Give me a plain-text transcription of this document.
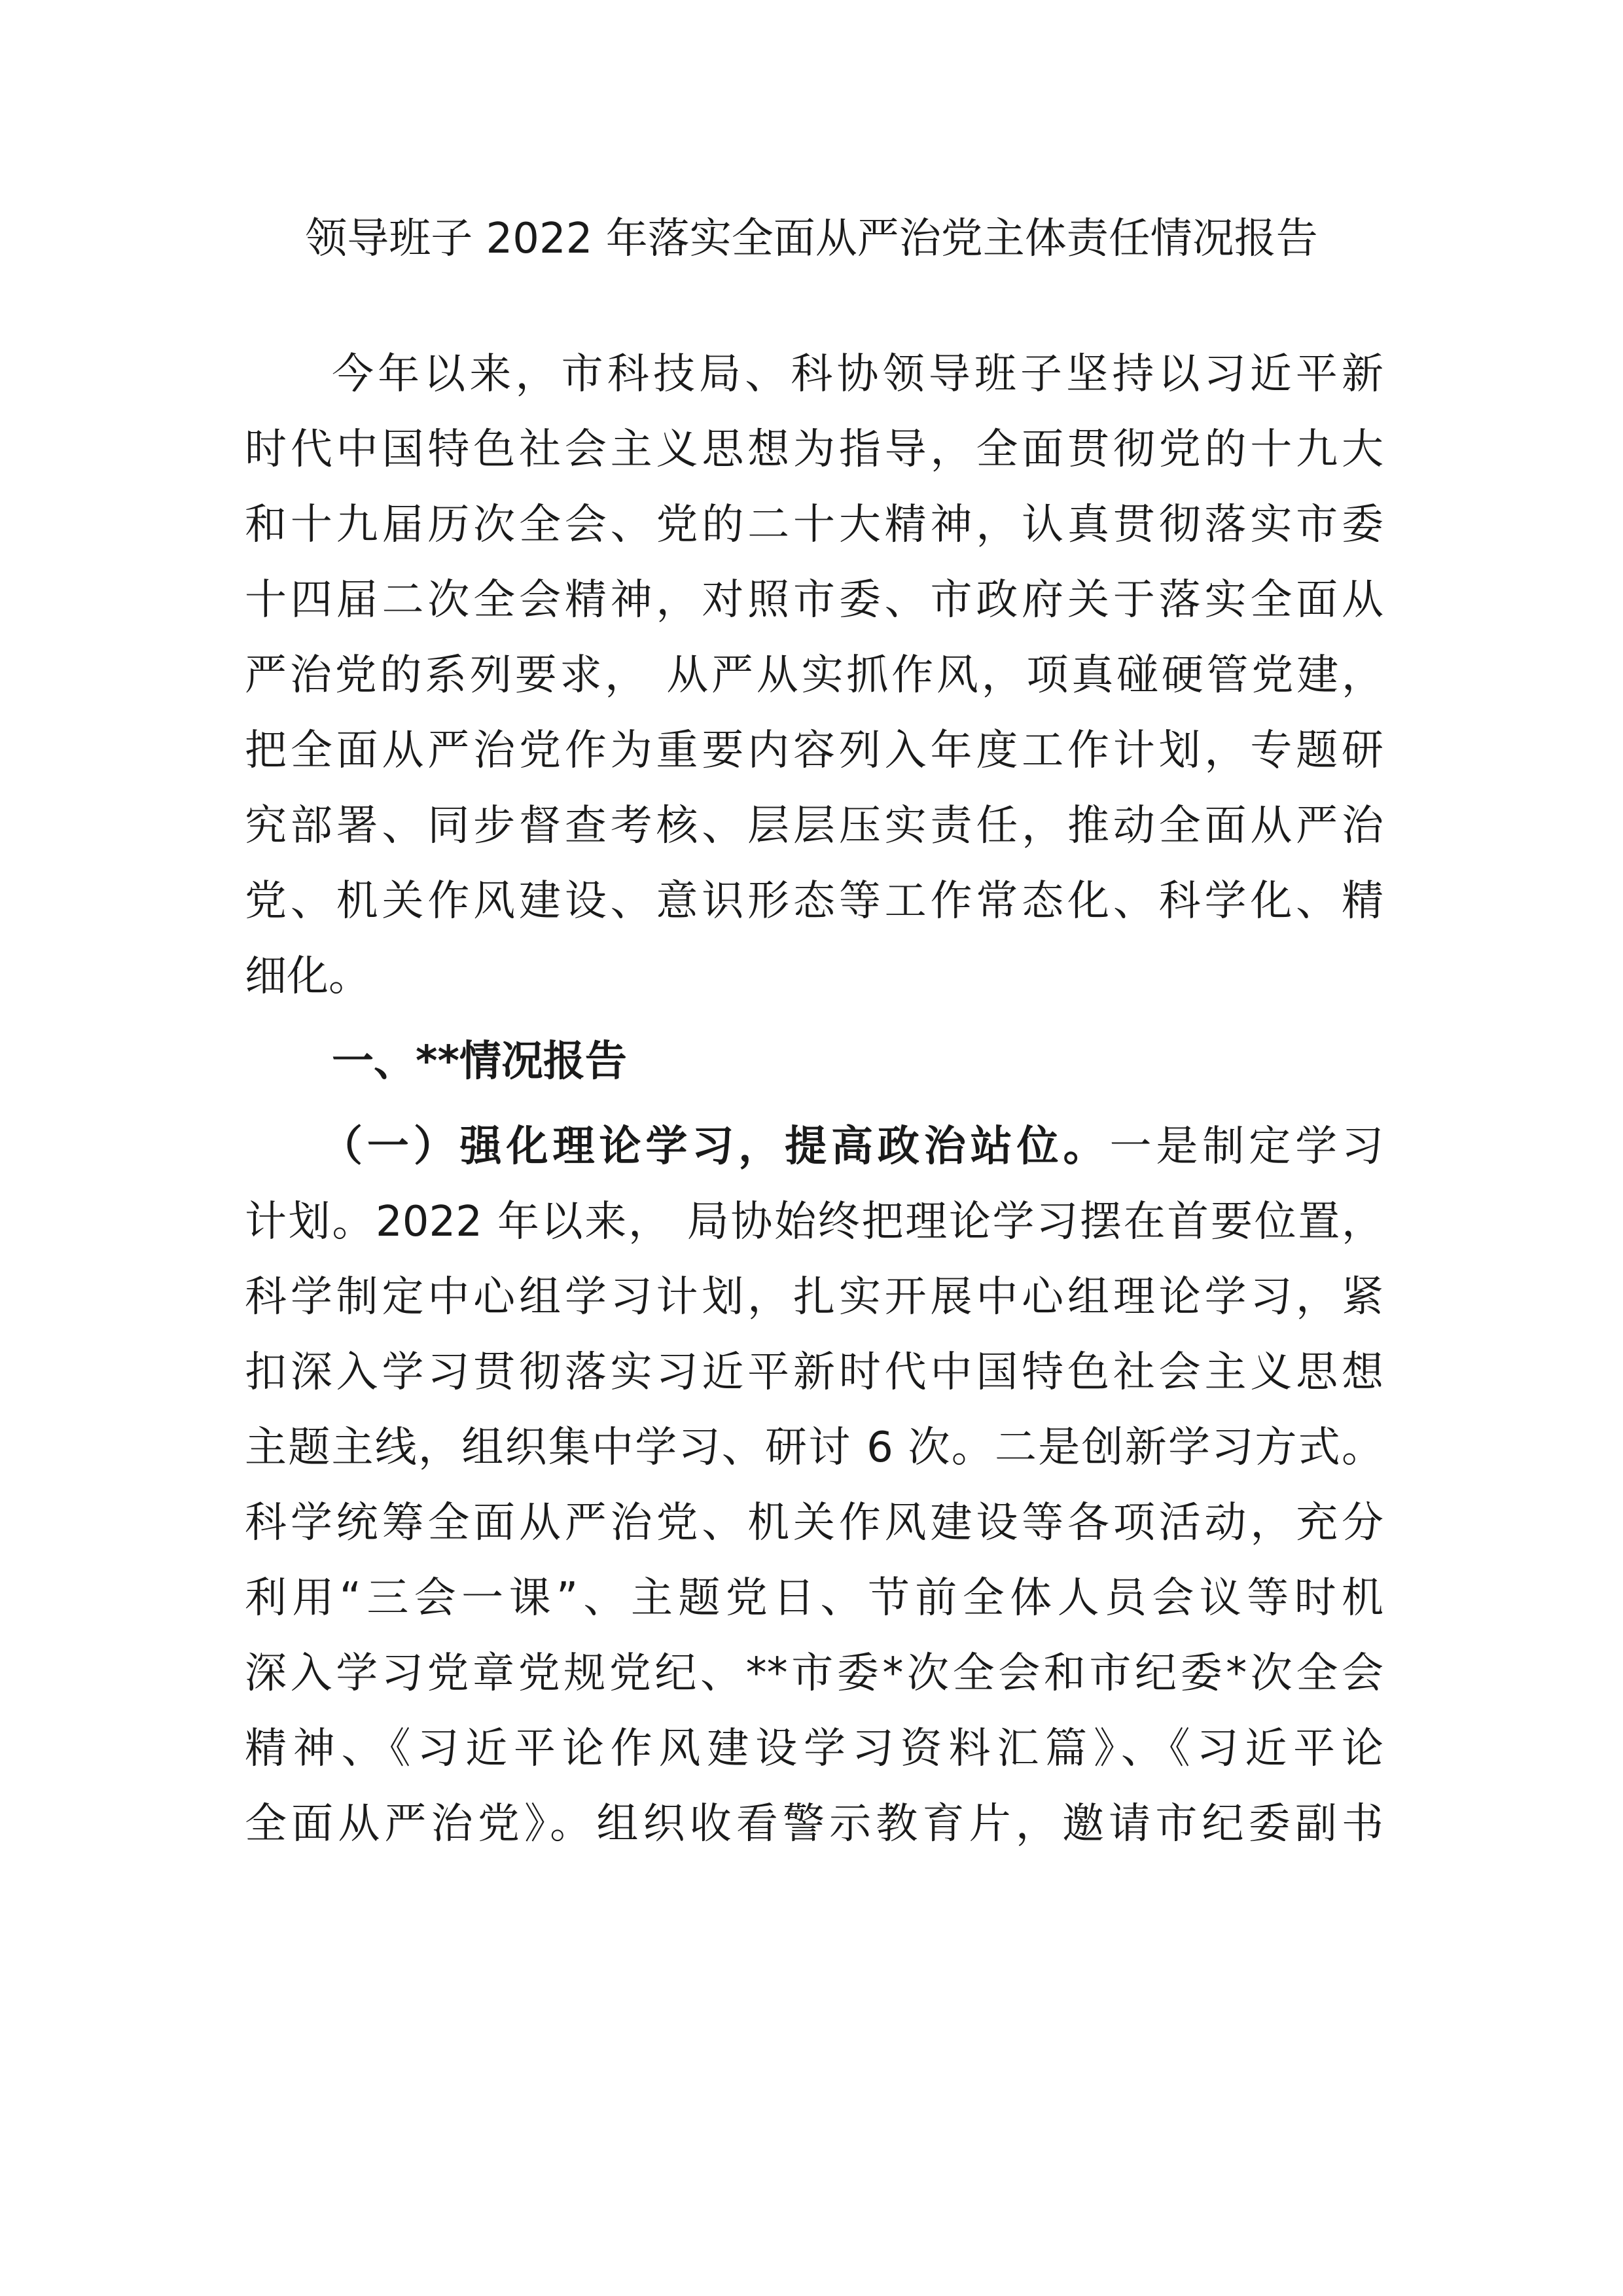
领导班子 2022 年落实全面从严治党主体责任情况报告
今年以来，市科技局、科协领导班子坚持以习近平新
时代中国特色社会主义思想为指导，全面贯彻党的十九大
和十九届历次全会、党的二十大精神，认真贯彻落实市委
十四届二次全会精神，对照市委、市政府关于落实全面从
严治党的系列要求， 从严从实抓作风，项真碰硬管党建，
把全面从严治党作为重要内容列入年度工作计划，专题研
究部署、同步督查考核、层层压实责任，推动全面从严治
党、机关作风建设、意识形态等工作常态化、科学化、精
细化。
一、**情况报告
（一）强化理论学习，提高政治站位。一是制定学习
计划。2022 年以来， 局协始终把理论学习摆在首要位置，
科学制定中心组学习计划，扎实开展中心组理论学习，紧
扣深入学习贯彻落实习近平新时代中国特色社会主义思想
主题主线，组织集中学习、研讨 6 次。二是创新学习方式。
科学统筹全面从严治党、机关作风建设等各项活动，充分
利用“三会一课”、主题党日、节前全体人员会议等时机
深入学习党章党规党纪、**市委*次全会和市纪委*次全会
精神、《习近平论作风建设学习资料汇篇》、《习近平论
全面从严治党》。组织收看警示教育片，邀请市纪委副书
